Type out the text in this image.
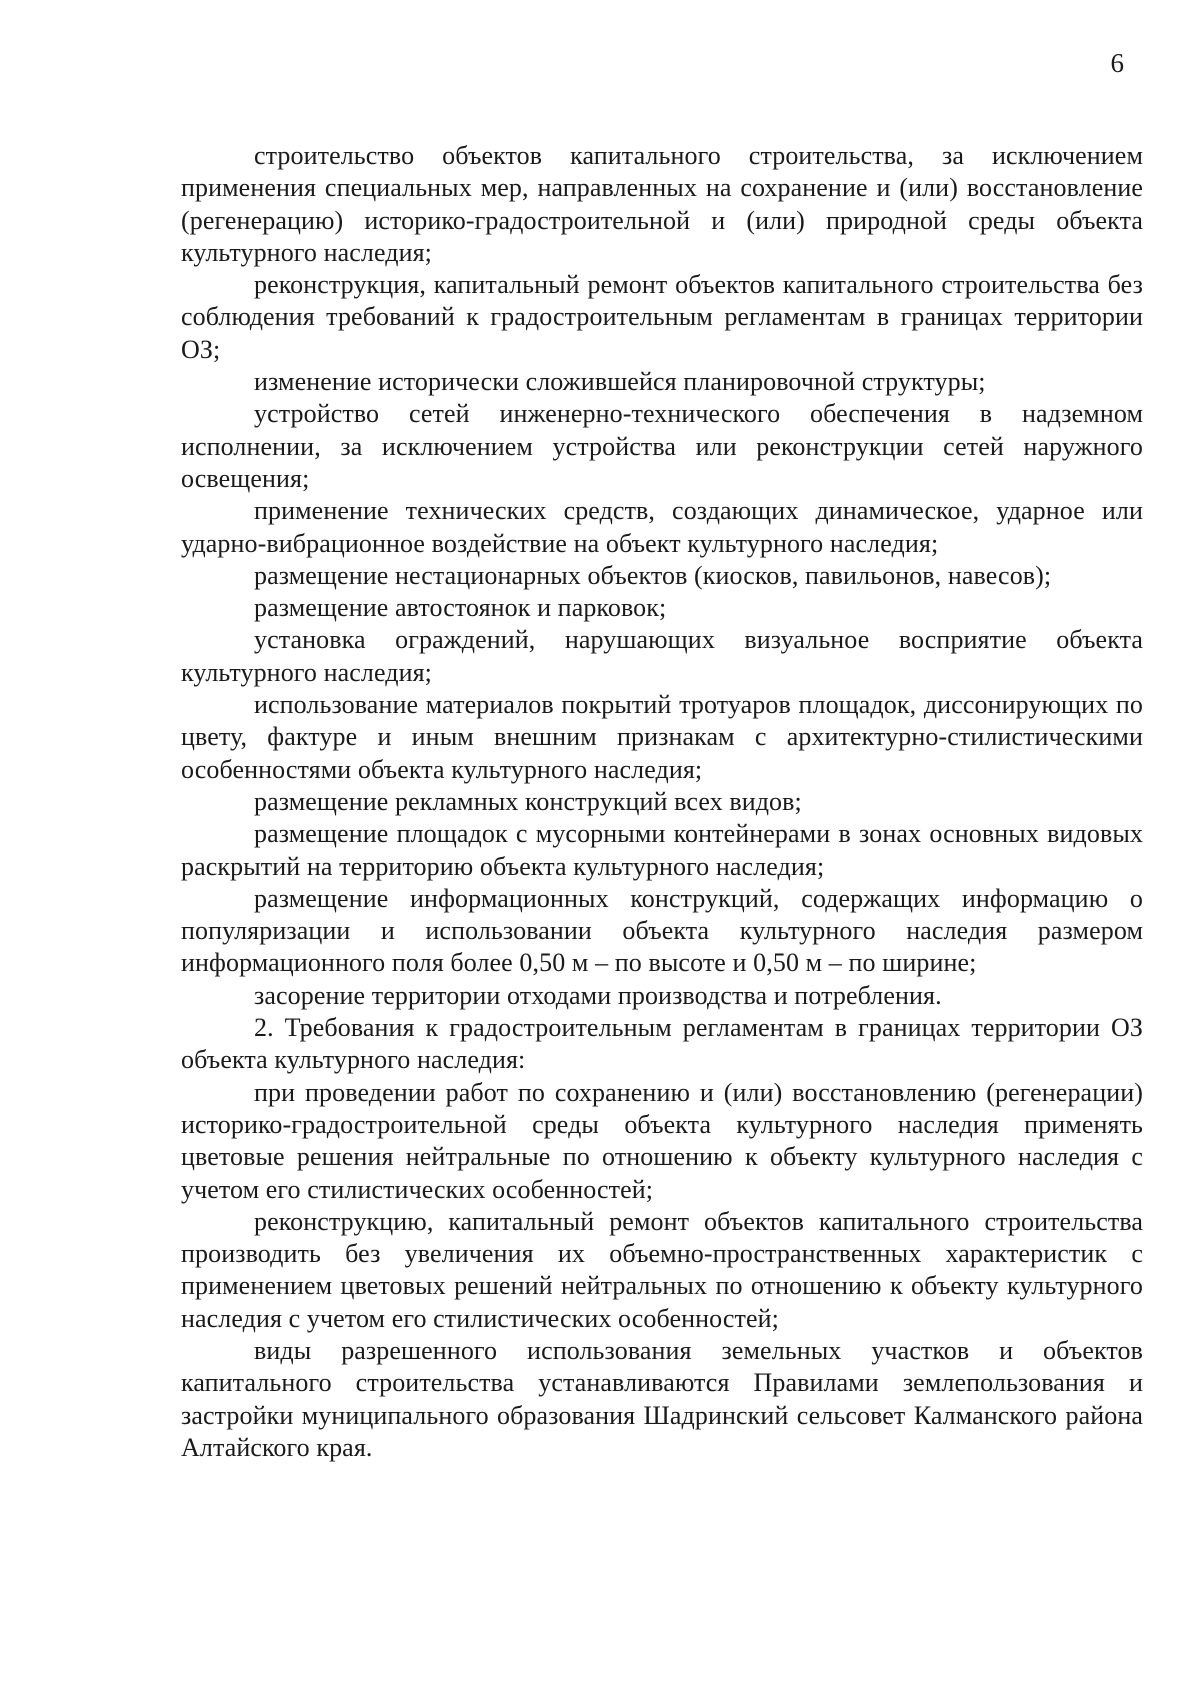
6

строительство объектов капитального строительства, за исключением применения специальных мер, направленных на сохранение и (или) восстановление (регенерацию) историко-градостроительной и (или) природной среды объекта культурного наследия;

реконструкция, капитальный ремонт объектов капитального строительства без соблюдения требований к градостроительным регламентам в границах территории ОЗ;

изменение исторически сложившейся планировочной структуры;

устройство сетей инженерно-технического обеспечения в надземном исполнении, за исключением устройства или реконструкции сетей наружного освещения;

применение технических средств, создающих динамическое, ударное или ударно-вибрационное воздействие на объект культурного наследия;

размещение нестационарных объектов (киосков, павильонов, навесов);

размещение автостоянок и парковок;

установка ограждений, нарушающих визуальное восприятие объекта культурного наследия;

использование материалов покрытий тротуаров площадок, диссонирующих по цвету, фактуре и иным внешним признакам с архитектурно-стилистическими особенностями объекта культурного наследия;

размещение рекламных конструкций всех видов;

размещение площадок с мусорными контейнерами в зонах основных видовых раскрытий на территорию объекта культурного наследия;

размещение информационных конструкций, содержащих информацию о популяризации и использовании объекта культурного наследия размером информационного поля более 0,50 м – по высоте и 0,50 м – по ширине;

засорение территории отходами производства и потребления.

2. Требования к градостроительным регламентам в границах территории ОЗ объекта культурного наследия:

при проведении работ по сохранению и (или) восстановлению (регенерации) историко-градостроительной среды объекта культурного наследия применять цветовые решения нейтральные по отношению к объекту культурного наследия с учетом его стилистических особенностей;

реконструкцию, капитальный ремонт объектов капитального строительства производить без увеличения их объемно-пространственных характеристик с применением цветовых решений нейтральных по отношению к объекту культурного наследия с учетом его стилистических особенностей;

виды разрешенного использования земельных участков и объектов капитального строительства устанавливаются Правилами землепользования и застройки муниципального образования Шадринский сельсовет Калманского района Алтайского края.
